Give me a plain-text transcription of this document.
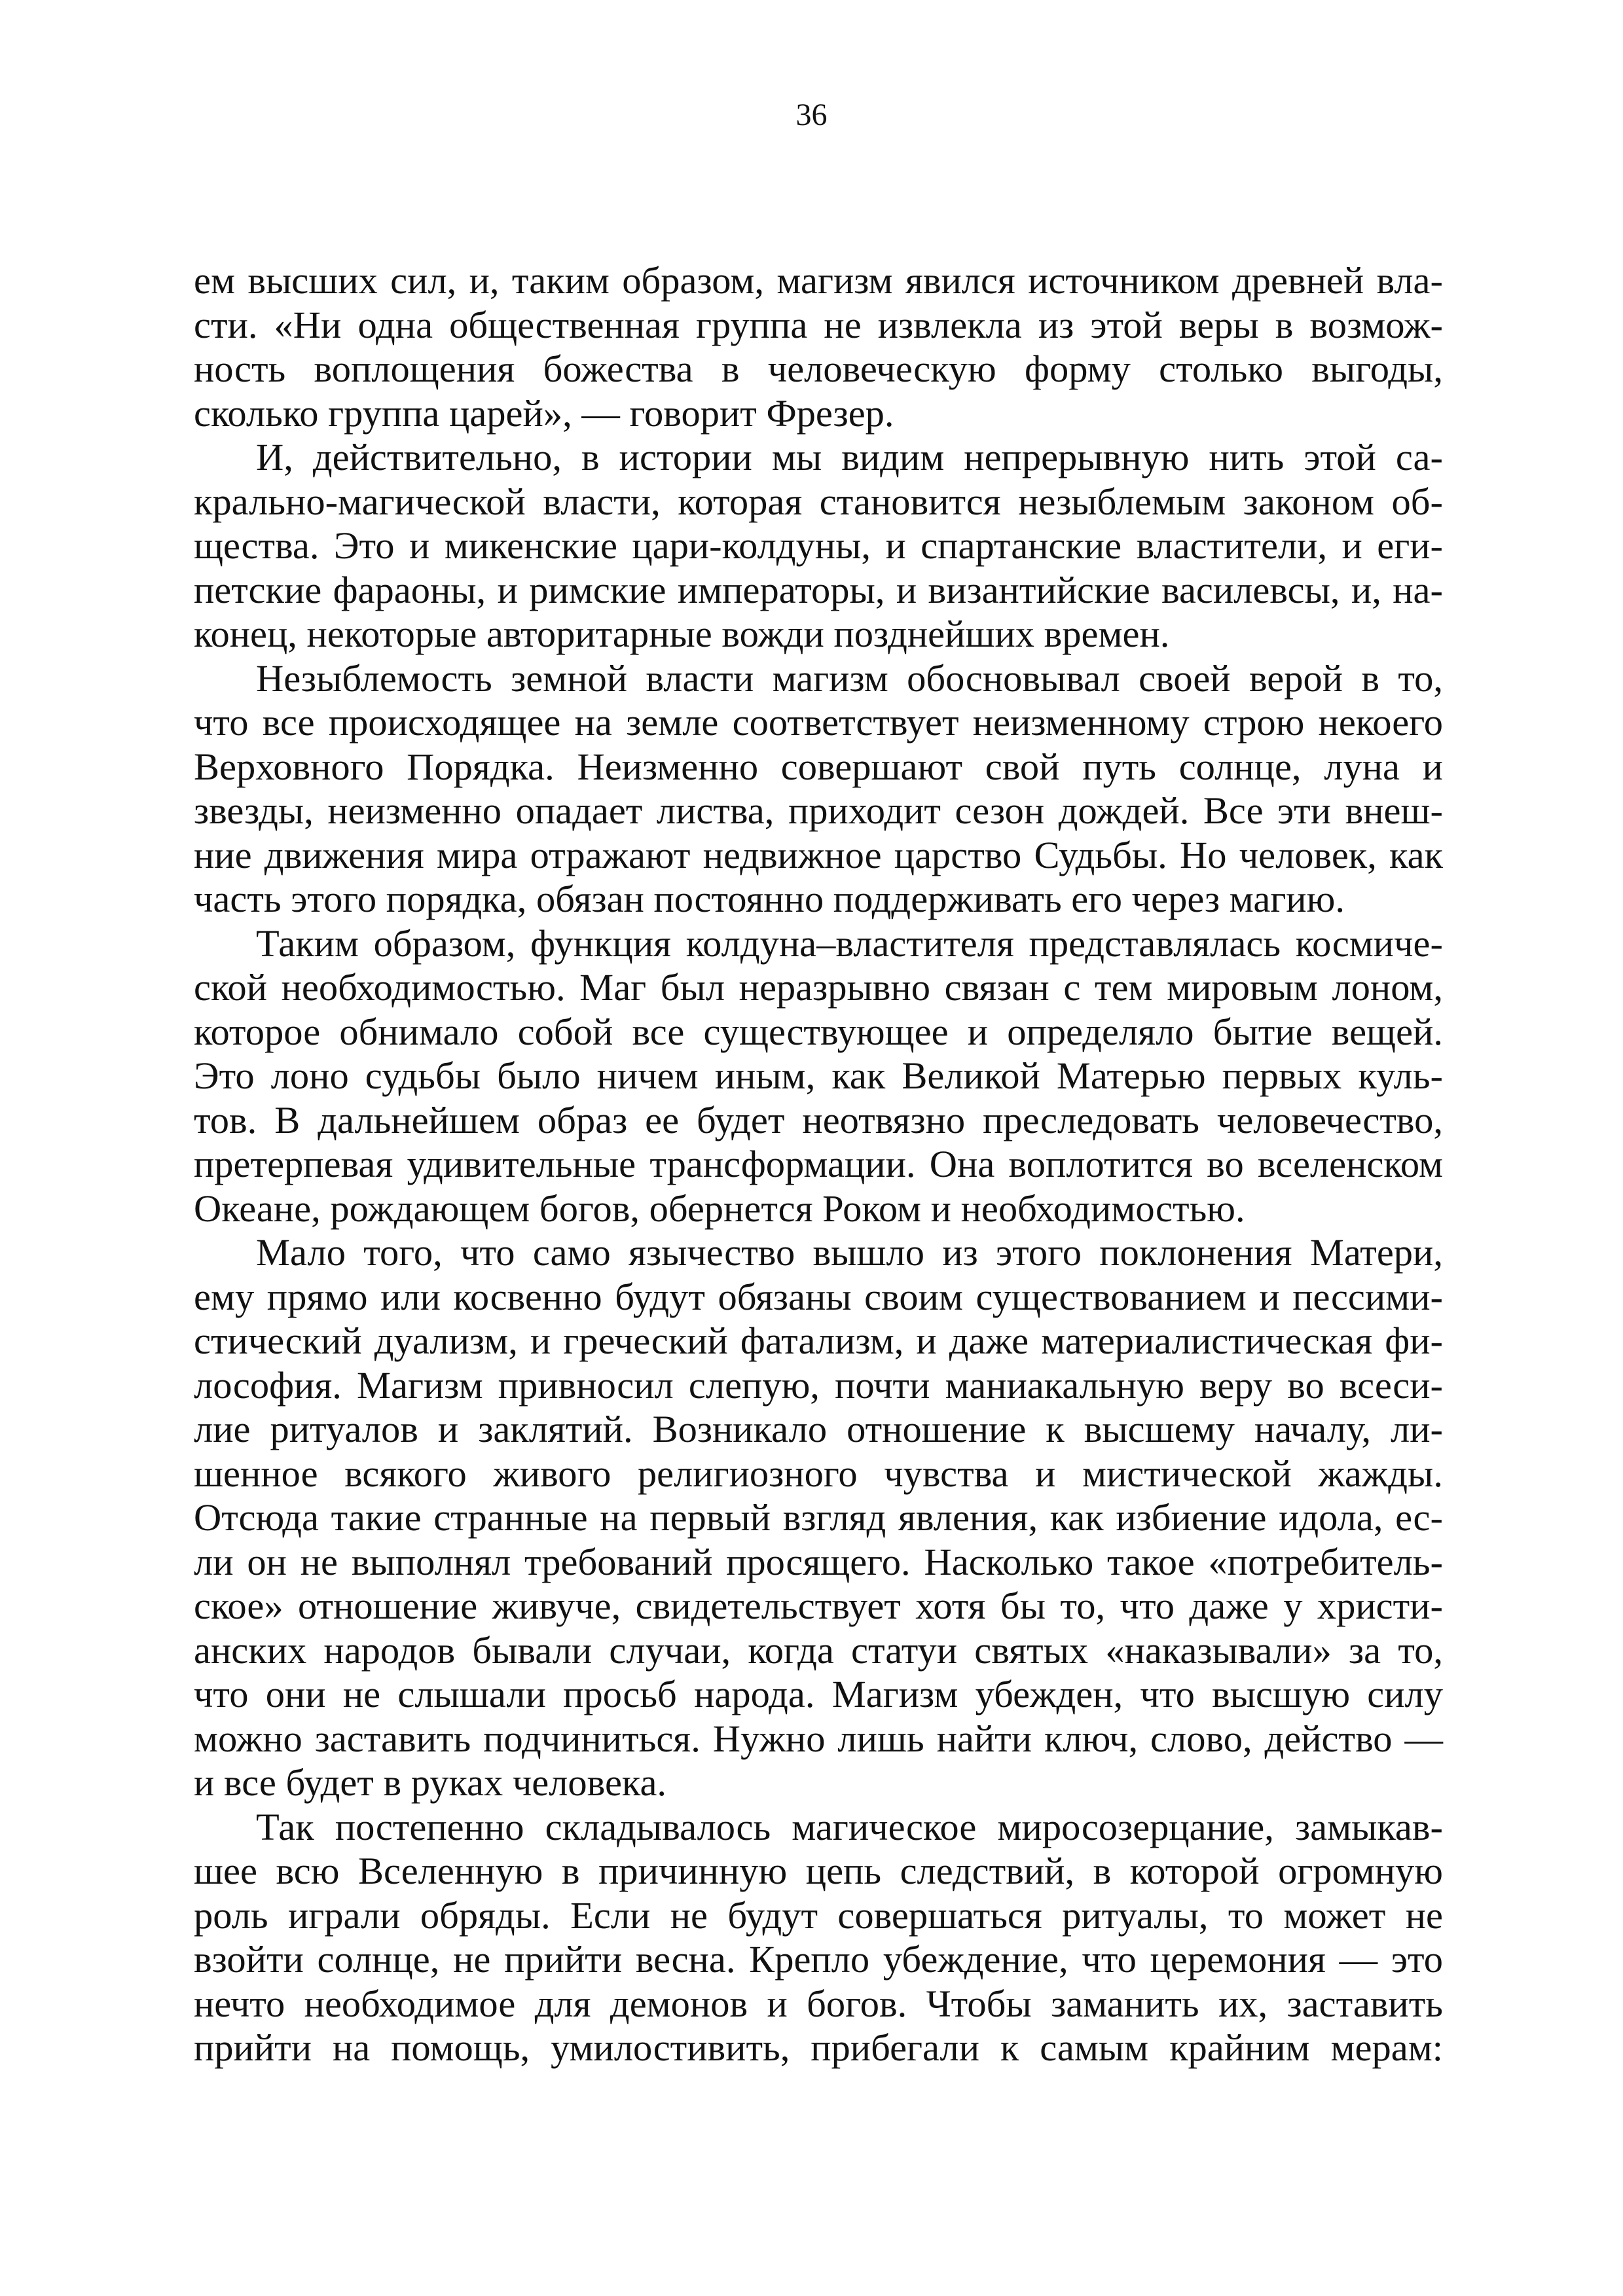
36
ем высших сил, и, таким образом, магизм явился источником древней вла-
сти. «Ни одна общественная группа не извлекла из этой веры в возмож-
ность воплощения божества в человеческую форму столько выгоды,
сколько группа царей», — говорит Фрезер.
И, действительно, в истории мы видим непрерывную нить этой са-
крально-магической власти, которая становится незыблемым законом об-
щества. Это и микенские цари-колдуны, и спартанские властители, и еги-
петские фараоны, и римские императоры, и византийские василевсы, и, на-
конец, некоторые авторитарные вожди позднейших времен.
Незыблемость земной власти магизм обосновывал своей верой в то,
что все происходящее на земле соответствует неизменному строю некоего
Верховного Порядка. Неизменно совершают свой путь солнце, луна и
звезды, неизменно опадает листва, приходит сезон дождей. Все эти внеш-
ние движения мира отражают недвижное царство Судьбы. Но человек, как
часть этого порядка, обязан постоянно поддерживать его через магию.
Таким образом, функция колдуна–властителя представлялась космиче-
ской необходимостью. Маг был неразрывно связан с тем мировым лоном,
которое обнимало собой все существующее и определяло бытие вещей.
Это лоно судьбы было ничем иным, как Великой Матерью первых куль-
тов. В дальнейшем образ ее будет неотвязно преследовать человечество,
претерпевая удивительные трансформации. Она воплотится во вселенском
Океане, рождающем богов, обернется Роком и необходимостью.
Мало того, что само язычество вышло из этого поклонения Матери,
ему прямо или косвенно будут обязаны своим существованием и пессими-
стический дуализм, и греческий фатализм, и даже материалистическая фи-
лософия. Магизм привносил слепую, почти маниакальную веру во всеси-
лие ритуалов и заклятий. Возникало отношение к высшему началу, ли-
шенное всякого живого религиозного чувства и мистической жажды.
Отсюда такие странные на первый взгляд явления, как избиение идола, ес-
ли он не выполнял требований просящего. Насколько такое «потребитель-
ское» отношение живуче, свидетельствует хотя бы то, что даже у христи-
анских народов бывали случаи, когда статуи святых «наказывали» за то,
что они не слышали просьб народа. Магизм убежден, что высшую силу
можно заставить подчиниться. Нужно лишь найти ключ, слово, действо —
и все будет в руках человека.
Так постепенно складывалось магическое миросозерцание, замыкав-
шее всю Вселенную в причинную цепь следствий, в которой огромную
роль играли обряды. Если не будут совершаться ритуалы, то может не
взойти солнце, не прийти весна. Крепло убеждение, что церемония — это
нечто необходимое для демонов и богов. Чтобы заманить их, заставить
прийти на помощь, умилостивить, прибегали к самым крайним мерам:
